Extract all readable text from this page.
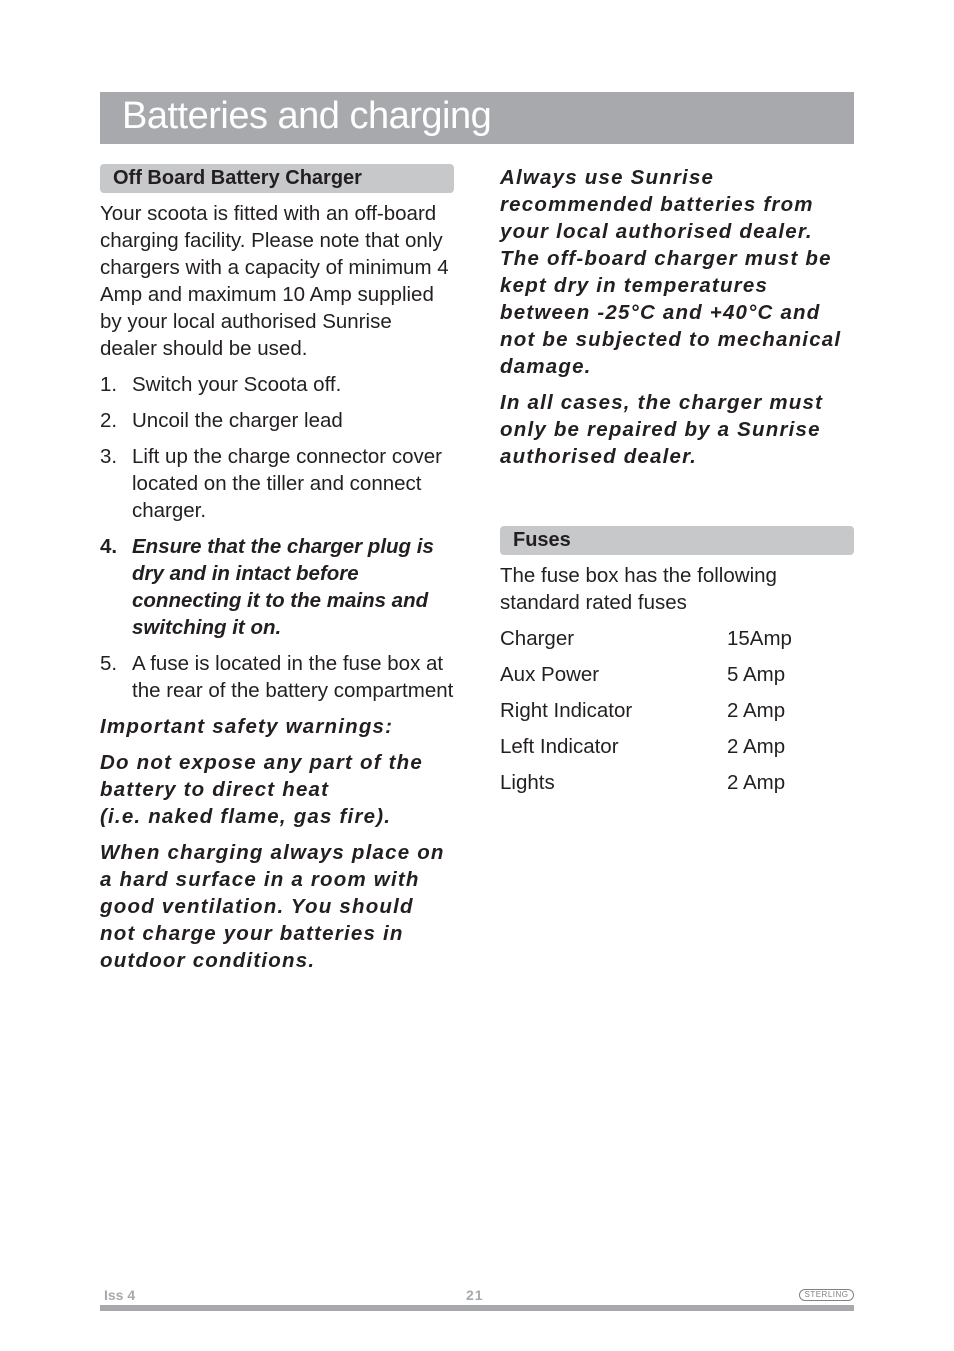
Batteries and charging
Off Board Battery Charger

Your scoota is fitted with an off-board charging facility. Please note that only chargers with a capacity of minimum 4 Amp and maximum 10 Amp supplied by your local authorised Sunrise dealer should be used.

1. Switch your Scoota off.
2. Uncoil the charger lead
3. Lift up the charge connector cover located on the tiller and connect charger.
4. Ensure that the charger plug is dry and in intact before connecting it to the mains and switching it on.
5. A fuse is located in the fuse box at the rear of the battery compartment

Important safety warnings:

Do not expose any part of the battery to direct heat
(i.e. naked flame, gas fire).

When charging always place on a hard surface in a room with good ventilation. You should not charge your batteries in outdoor conditions.

Always use Sunrise recommended batteries from your local authorised dealer. The off-board charger must be kept dry in temperatures between -25°C and +40°C and not be subjected to mechanical damage.

In all cases, the charger must only be repaired by a Sunrise authorised dealer.

Fuses

The fuse box has the following standard rated fuses

Charger	15Amp
Aux Power	5 Amp
Right Indicator	2 Amp
Left Indicator	2 Amp
Lights	2 Amp
Iss 4	21	STERLING
